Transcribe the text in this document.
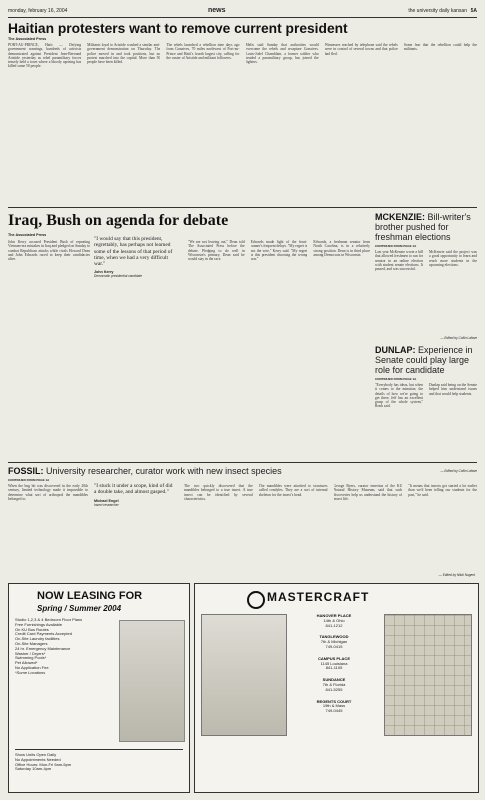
monday, february 16, 2004	news	the university daily kansan 5A
Haitian protesters want to remove current president
The Associated Press
PORT-AU-PRINCE, Haiti — Defying government warnings, hundreds of activists demonstrated against President Jean-Bertrand Aristide yesterday as rebel paramilitary forces tensely held a town where a bloody uprising has killed some 50 people.
Militants loyal to Aristide crushed a similar anti-government demonstration on Thursday. The police moved in and took positions, but no protest marched into the capital. More than 50 people have been killed.
The rebels launched a rebellion nine days ago from Gonaives, 70 miles northwest of Port-au-Prince and Haiti's fourth largest city, calling for the ouster of Aristide and militant followers.
Melis said Sunday that authorities would overcome the rebels and recapture Gonaives. Louis-Jodel Chamblain, a former soldier who headed a paramilitary group, has joined the fighters.
Winnesses reached by telephone said the rebels were in control of several towns and that police had fled.
Some fear that the rebellion could help the militants.
Iraq, Bush on agenda for debate
The Associated Press
"I would say that this president, regrettably, has perhaps not learned some of the lessons of that period of time, when we had a very difficult war."
John Kerry
Democratic presidential candidate
John Kerry accused President Bush of repeating Vietnam-era mistakes in Iraq and pledged on Sunday to combat Republican attacks while rivals Howard Dean and John Edwards raced to keep their candidacies alive.
"We are not leaving out," Dean told The Associated Press before the debate. Pledging to do well in Wisconsin's primary, Dean said he would stay in the race.
Edwards made light of the front-runner's frequent delays. "My regret is not the vote," Kerry said. "My regret is this president choosing the wrong war."
Edwards, a freshman senator from North Carolina, is in a relatively strong position. Dean is in third place among Democrats in Wisconsin.
MCKENZIE: Bill-writer's brother pushed for freshman elections
CONTINUED FROM PAGE 1A
Last year McKenzie wrote a bill that allowed freshmen to run for senator in an online election with student senate elections. It passed, and was successful.
McKenzie said the project was a good opportunity to learn and reach more students in the upcoming elections.
— Edited by Collin Lafave
DUNLAP: Experience in Senate could play large role for candidate
CONTINUED FROM PAGE 1A
"Everybody has ideas, but when it comes to the minutiae, the details of how we're going to get there, Jeff has an excellent grasp of the whole system," Ronk said.
Dunlap said being on the Senate helped him understand issues and that would help students.
— Edited by Collin Lafave
FOSSIL: University researcher, curator work with new insect species
CONTINUED FROM PAGE 1A
"I stuck it under a scope, kind of did a double take, and almost gasped."
Michael Engel
Insect researcher
When the bug bit was discovered in the early 20th century, limited technology made it impossible to determine what sort of arthropod the mandibles belonged to.
The two quickly discovered that the mandibles belonged to a true insect. A true insect can be identified by several characteristics.
The mandibles were attached to structures called condyles. They are a sort of internal skeleton for the insect's head.
George Byers, curator emeritus of the KU Natural History Museum, said that such discoveries help us understand the history of insect life.
"It means that insects got started a lot earlier than we'd been telling our students for the past," he said.
— Edited by Nikki Nugent
NOW LEASING FOR
Spring / Summer 2004
Studio 1,2,3 & 4 Bedroom Floor Plans
Free Furnishings Available
On KU Bus Routes
Credit Card Payments Accepted
On-Site Laundry facilities
On-Site Managers
24 hr. Emergency Maintenance
Washer / Dryers*
Swimming Pools*
Pet Allowed*
No Application Fee
*Some Locations
Show Units Open Daily
No Appointments Needed
Office Hours: Mon-Fri 9am-5pm
Saturday 10am-4pm
MASTERCRAFT
HANOVER PLACE
14th & Ohio
841-1212
TANGLEWOOD
7th & Michigan
749-0415
CAMPUS PLACE
1145 Louisiana
841-1105
SUNDANCE
7th & Florida
841-5255
REGENTS COURT
19th & Mass
749-0445
